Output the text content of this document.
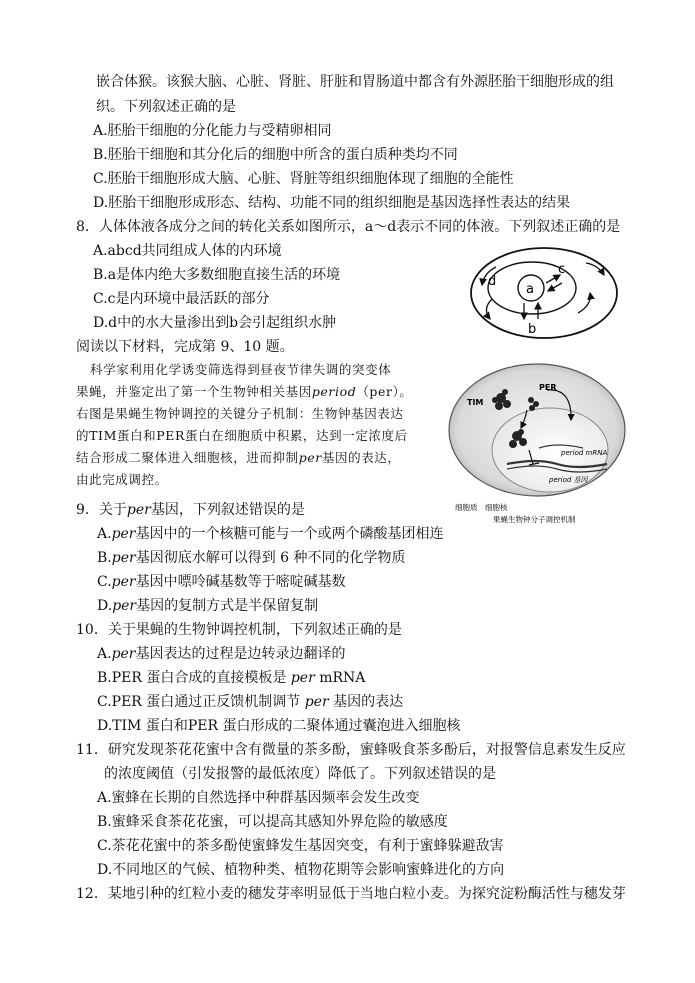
嵌合体猴。该猴大脑、心脏、肾脏、肝脏和胃肠道中都含有外源胚胎干细胞形成的组
织。下列叙述正确的是
A.胚胎干细胞的分化能力与受精卵相同
B.胚胎干细胞和其分化后的细胞中所含的蛋白质种类均不同
C.胚胎干细胞形成大脑、心脏、肾脏等组织细胞体现了细胞的全能性
D.胚胎干细胞形成形态、结构、功能不同的组织细胞是基因选择性表达的结果
8．人体体液各成分之间的转化关系如图所示，a～d表示不同的体液。下列叙述正确的是
A.abcd共同组成人体的内环境
B.a是体内绝大多数细胞直接生活的环境
C.c是内环境中最活跃的部分
D.d中的水大量渗出到b会引起组织水肿
a
b
c
d
阅读以下材料，完成第 9、10 题。
科学家利用化学诱变筛选得到昼夜节律失调的突变体
果蝇，并鉴定出了第一个生物钟相关基因period（per）。
右图是果蝇生物钟调控的关键分子机制：生物钟基因表达
的TIM蛋白和PER蛋白在细胞质中积累，达到一定浓度后
结合形成二聚体进入细胞核，进而抑制per基因的表达，
由此完成调控。
TIM
PER
period mRNA
period 基因
细胞质 细胞核
果蝇生物钟分子调控机制
9．关于per基因，下列叙述错误的是
A.per基因中的一个核糖可能与一个或两个磷酸基团相连
B.per基因彻底水解可以得到 6 种不同的化学物质
C.per基因中嘌呤碱基数等于嘧啶碱基数
D.per基因的复制方式是半保留复制
10．关于果蝇的生物钟调控机制，下列叙述正确的是
A.per基因表达的过程是边转录边翻译的
B.PER 蛋白合成的直接模板是 per mRNA
C.PER 蛋白通过正反馈机制调节 per 基因的表达
D.TIM 蛋白和PER 蛋白形成的二聚体通过囊泡进入细胞核
11．研究发现茶花花蜜中含有微量的茶多酚，蜜蜂吸食茶多酚后，对报警信息素发生反应
的浓度阈值（引发报警的最低浓度）降低了。下列叙述错误的是
A.蜜蜂在长期的自然选择中种群基因频率会发生改变
B.蜜蜂采食茶花花蜜，可以提高其感知外界危险的敏感度
C.茶花花蜜中的茶多酚使蜜蜂发生基因突变，有利于蜜蜂躲避敌害
D.不同地区的气候、植物种类、植物花期等会影响蜜蜂进化的方向
12．某地引种的红粒小麦的穗发芽率明显低于当地白粒小麦。为探究淀粉酶活性与穗发芽
